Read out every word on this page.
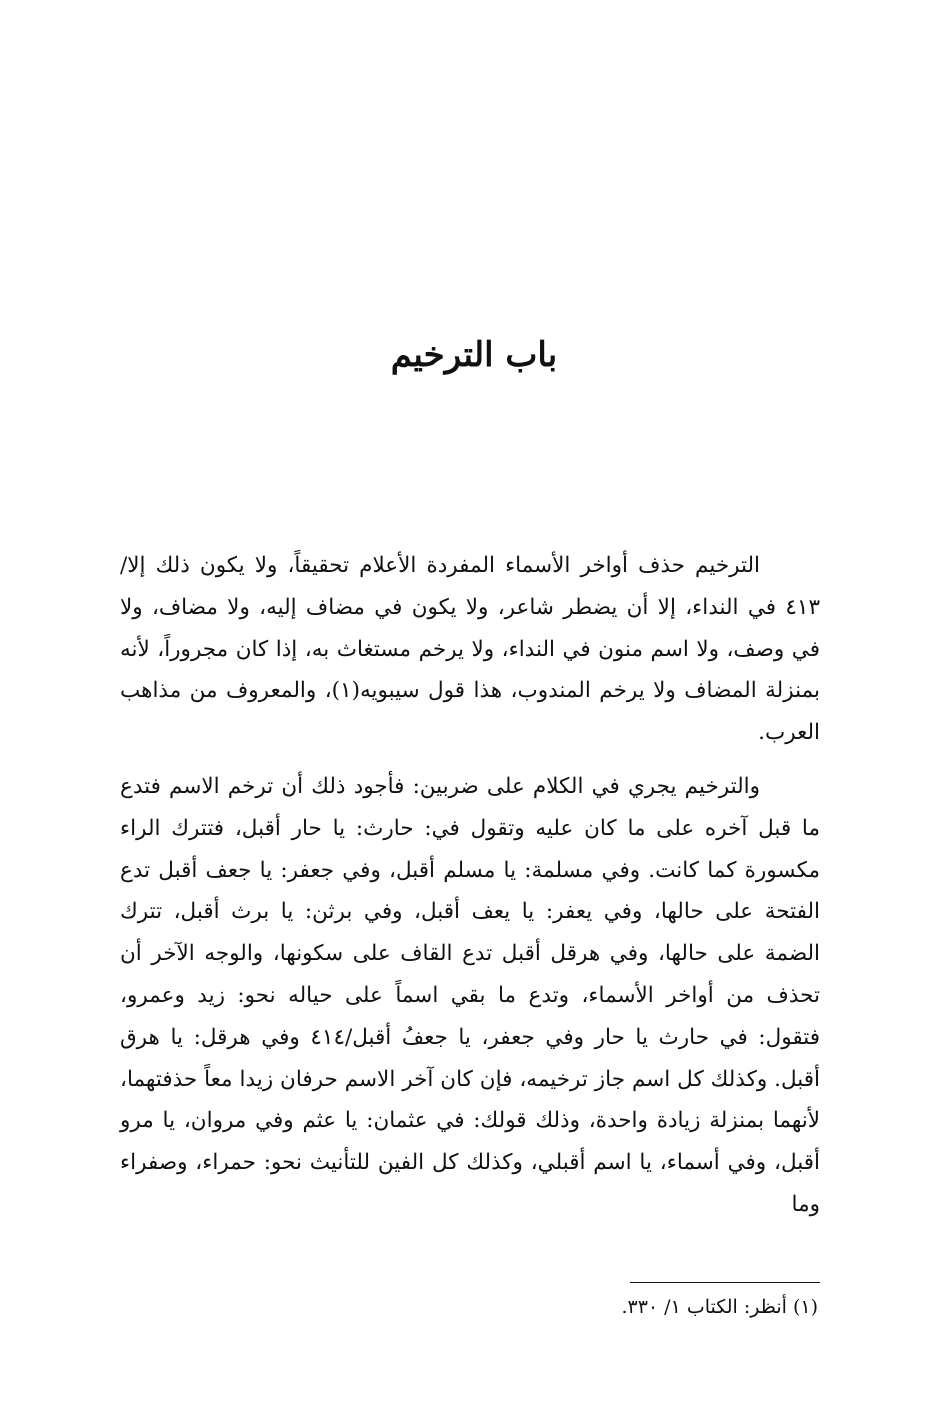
باب الترخيم

الترخيم حذف أواخر الأسماء المفردة الأعلام تحقيقاً، ولا يكون ذلك إلا/٤١٣ في النداء، إلا أن يضطر شاعر، ولا يكون في مضاف إليه، ولا مضاف، ولا في وصف، ولا اسم منون في النداء، ولا يرخم مستغاث به، إذا كان مجروراً، لأنه بمنزلة المضاف ولا يرخم المندوب، هذا قول سيبويه(١)، والمعروف من مذاهب العرب.

والترخيم يجري في الكلام على ضربين: فأجود ذلك أن ترخم الاسم فتدع ما قبل آخره على ما كان عليه وتقول في: حارث: يا حار أقبل، فتترك الراء مكسورة كما كانت. وفي مسلمة: يا مسلم أقبل، وفي جعفر: يا جعف أقبل تدع الفتحة على حالها، وفي يعفر: يا يعف أقبل، وفي برثن: يا برث أقبل، تترك الضمة على حالها، وفي هرقل أقبل تدع القاف على سكونها، والوجه الآخر أن تحذف من أواخر الأسماء، وتدع ما بقي اسماً على حياله نحو: زيد وعمرو، فتقول: في حارث يا حار وفي جعفر، يا جعفُ أقبل/٤١٤ وفي هرقل: يا هرق أقبل. وكذلك كل اسم جاز ترخيمه، فإن كان آخر الاسم حرفان زيدا معاً حذفتهما، لأنهما بمنزلة زيادة واحدة، وذلك قولك: في عثمان: يا عثم وفي مروان، يا مرو أقبل، وفي أسماء، يا اسم أقبلي، وكذلك كل الفين للتأنيث نحو: حمراء، وصفراء وما

(١) أنظر: الكتاب ١/ ٣٣٠.
